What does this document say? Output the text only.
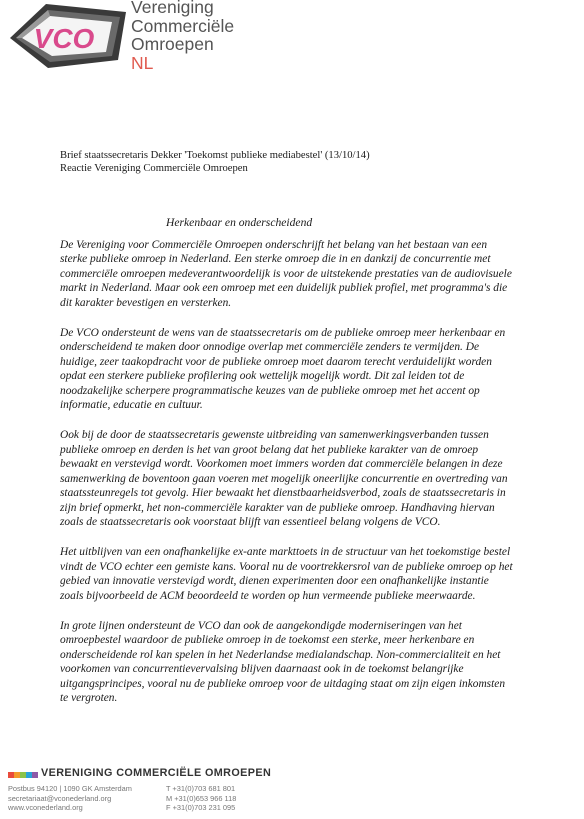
VCO
Vereniging
Commerciële
Omroepen
NL
Brief staatssecretaris Dekker 'Toekomst publieke mediabestel' (13/10/14)
Reactie Vereniging Commerciële Omroepen
Herkenbaar en onderscheidend

De Vereniging voor Commerciële Omroepen onderschrijft het belang van het bestaan van een sterke publieke omroep in Nederland. Een sterke omroep die in en dankzij de concurrentie met commerciële omroepen medeverantwoordelijk is voor de uitstekende prestaties van de audiovisuele markt in Nederland. Maar ook een omroep met een duidelijk publiek profiel, met programma's die dit karakter bevestigen en versterken.

De VCO ondersteunt de wens van de staatssecretaris om de publieke omroep meer herkenbaar en onderscheidend te maken door onnodige overlap met commerciële zenders te vermijden. De huidige, zeer taakopdracht voor de publieke omroep moet daarom terecht verduidelijkt worden opdat een sterkere publieke profilering ook wettelijk mogelijk wordt. Dit zal leiden tot de noodzakelijke scherpere programmatische keuzes van de publieke omroep met het accent op informatie, educatie en cultuur.

Ook bij de door de staatssecretaris gewenste uitbreiding van samenwerkingsverbanden tussen publieke omroep en derden is het van groot belang dat het publieke karakter van de omroep bewaakt en verstevigd wordt. Voorkomen moet immers worden dat commerciële belangen in deze samenwerking de boventoon gaan voeren met mogelijk oneerlijke concurrentie en overtreding van staatssteunregels tot gevolg. Hier bewaakt het dienstbaarheidsverbod, zoals de staatssecretaris in zijn brief opmerkt, het non-commerciële karakter van de publieke omroep. Handhaving hiervan zoals de staatssecretaris ook voorstaat blijft van essentieel belang volgens de VCO.

Het uitblijven van een onafhankelijke ex-ante markttoets in de structuur van het toekomstige bestel vindt de VCO echter een gemiste kans. Vooral nu de voortrekkersrol van de publieke omroep op het gebied van innovatie verstevigd wordt, dienen experimenten door een onafhankelijke instantie zoals bijvoorbeeld de ACM beoordeeld te worden op hun vermeende publieke meerwaarde.

In grote lijnen ondersteunt de VCO dan ook de aangekondigde moderniseringen van het omroepbestel waardoor de publieke omroep in de toekomst een sterke, meer herkenbare en onderscheidende rol kan spelen in het Nederlandse medialandschap. Non-commercialiteit en het voorkomen van concurrentievervalsing blijven daarnaast ook in de toekomst belangrijke uitgangsprincipes, vooral nu de publieke omroep voor de uitdaging staat om zijn eigen inkomsten te vergroten.

VERENIGING COMMERCIËLE OMROEPEN
Postbus 94120 | 1090 GK Amsterdam
secretariaat@vconederland.org
www.vconederland.org
T +31(0)703 681 801
M +31(0)653 966 118
F +31(0)703 231 095
